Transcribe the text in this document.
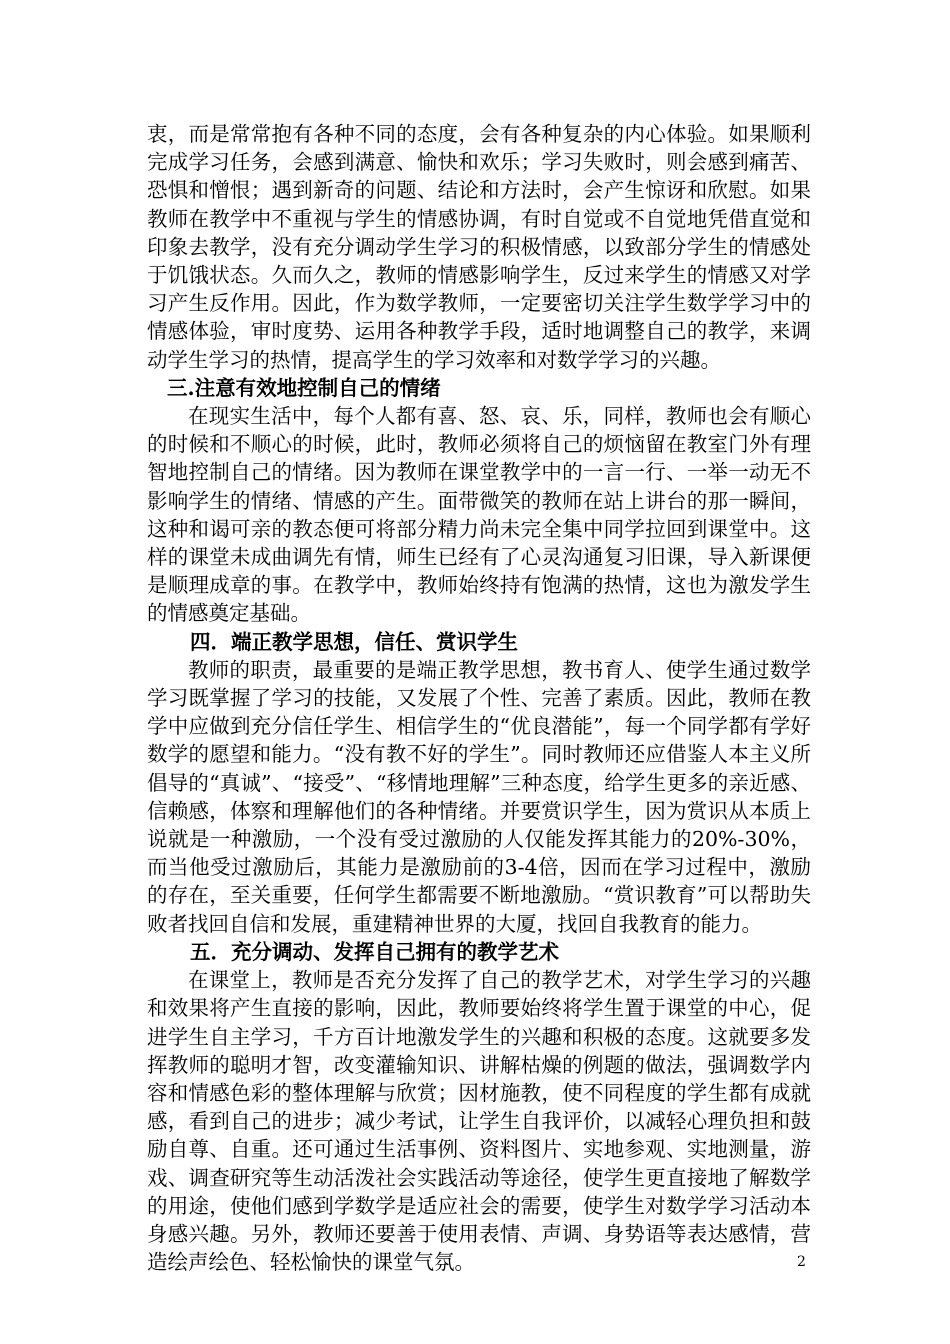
衷，而是常常抱有各种不同的态度，会有各种复杂的内心体验。如果顺利完成学习任务，会感到满意、愉快和欢乐；学习失败时，则会感到痛苦、恐惧和憎恨；遇到新奇的问题、结论和方法时，会产生惊讶和欣慰。如果教师在教学中不重视与学生的情感协调，有时自觉或不自觉地凭借直觉和印象去教学，没有充分调动学生学习的积极情感，以致部分学生的情感处于饥饿状态。久而久之，教师的情感影响学生，反过来学生的情感又对学习产生反作用。因此，作为数学教师，一定要密切关注学生数学学习中的情感体验，审时度势、运用各种教学手段，适时地调整自己的教学，来调动学生学习的热情，提高学生的学习效率和对数学学习的兴趣。

三.注意有效地控制自己的情绪

在现实生活中，每个人都有喜、怒、哀、乐，同样，教师也会有顺心的时候和不顺心的时候，此时，教师必须将自己的烦恼留在教室门外有理智地控制自己的情绪。因为教师在课堂教学中的一言一行、一举一动无不影响学生的情绪、情感的产生。面带微笑的教师在站上讲台的那一瞬间，这种和谒可亲的教态便可将部分精力尚未完全集中同学拉回到课堂中。这样的课堂未成曲调先有情，师生已经有了心灵沟通复习旧课，导入新课便是顺理成章的事。在教学中，教师始终持有饱满的热情，这也为激发学生的情感奠定基础。

四．端正教学思想，信任、赏识学生

教师的职责，最重要的是端正教学思想，教书育人、使学生通过数学学习既掌握了学习的技能，又发展了个性、完善了素质。因此，教师在教学中应做到充分信任学生、相信学生的“优良潜能”，每一个同学都有学好数学的愿望和能力。“没有教不好的学生”。同时教师还应借鉴人本主义所倡导的“真诚”、“接受”、“移情地理解”三种态度，给学生更多的亲近感、信赖感，体察和理解他们的各种情绪。并要赏识学生，因为赏识从本质上说就是一种激励，一个没有受过激励的人仅能发挥其能力的20%-30%，而当他受过激励后，其能力是激励前的3-4倍，因而在学习过程中，激励的存在，至关重要，任何学生都需要不断地激励。“赏识教育”可以帮助失败者找回自信和发展，重建精神世界的大厦，找回自我教育的能力。

五．充分调动、发挥自己拥有的教学艺术

在课堂上，教师是否充分发挥了自己的教学艺术，对学生学习的兴趣和效果将产生直接的影响，因此，教师要始终将学生置于课堂的中心，促进学生自主学习，千方百计地激发学生的兴趣和积极的态度。这就要多发挥教师的聪明才智，改变灌输知识、讲解枯燥的例题的做法，强调数学内容和情感色彩的整体理解与欣赏；因材施教，使不同程度的学生都有成就感，看到自己的进步；减少考试，让学生自我评价，以减轻心理负担和鼓励自尊、自重。还可通过生活事例、资料图片、实地参观、实地测量，游戏、调查研究等生动活泼社会实践活动等途径，使学生更直接地了解数学的用途，使他们感到学数学是适应社会的需要，使学生对数学学习活动本身感兴趣。另外，教师还要善于使用表情、声调、身势语等表达感情，营造绘声绘色、轻松愉快的课堂气氛。	2
